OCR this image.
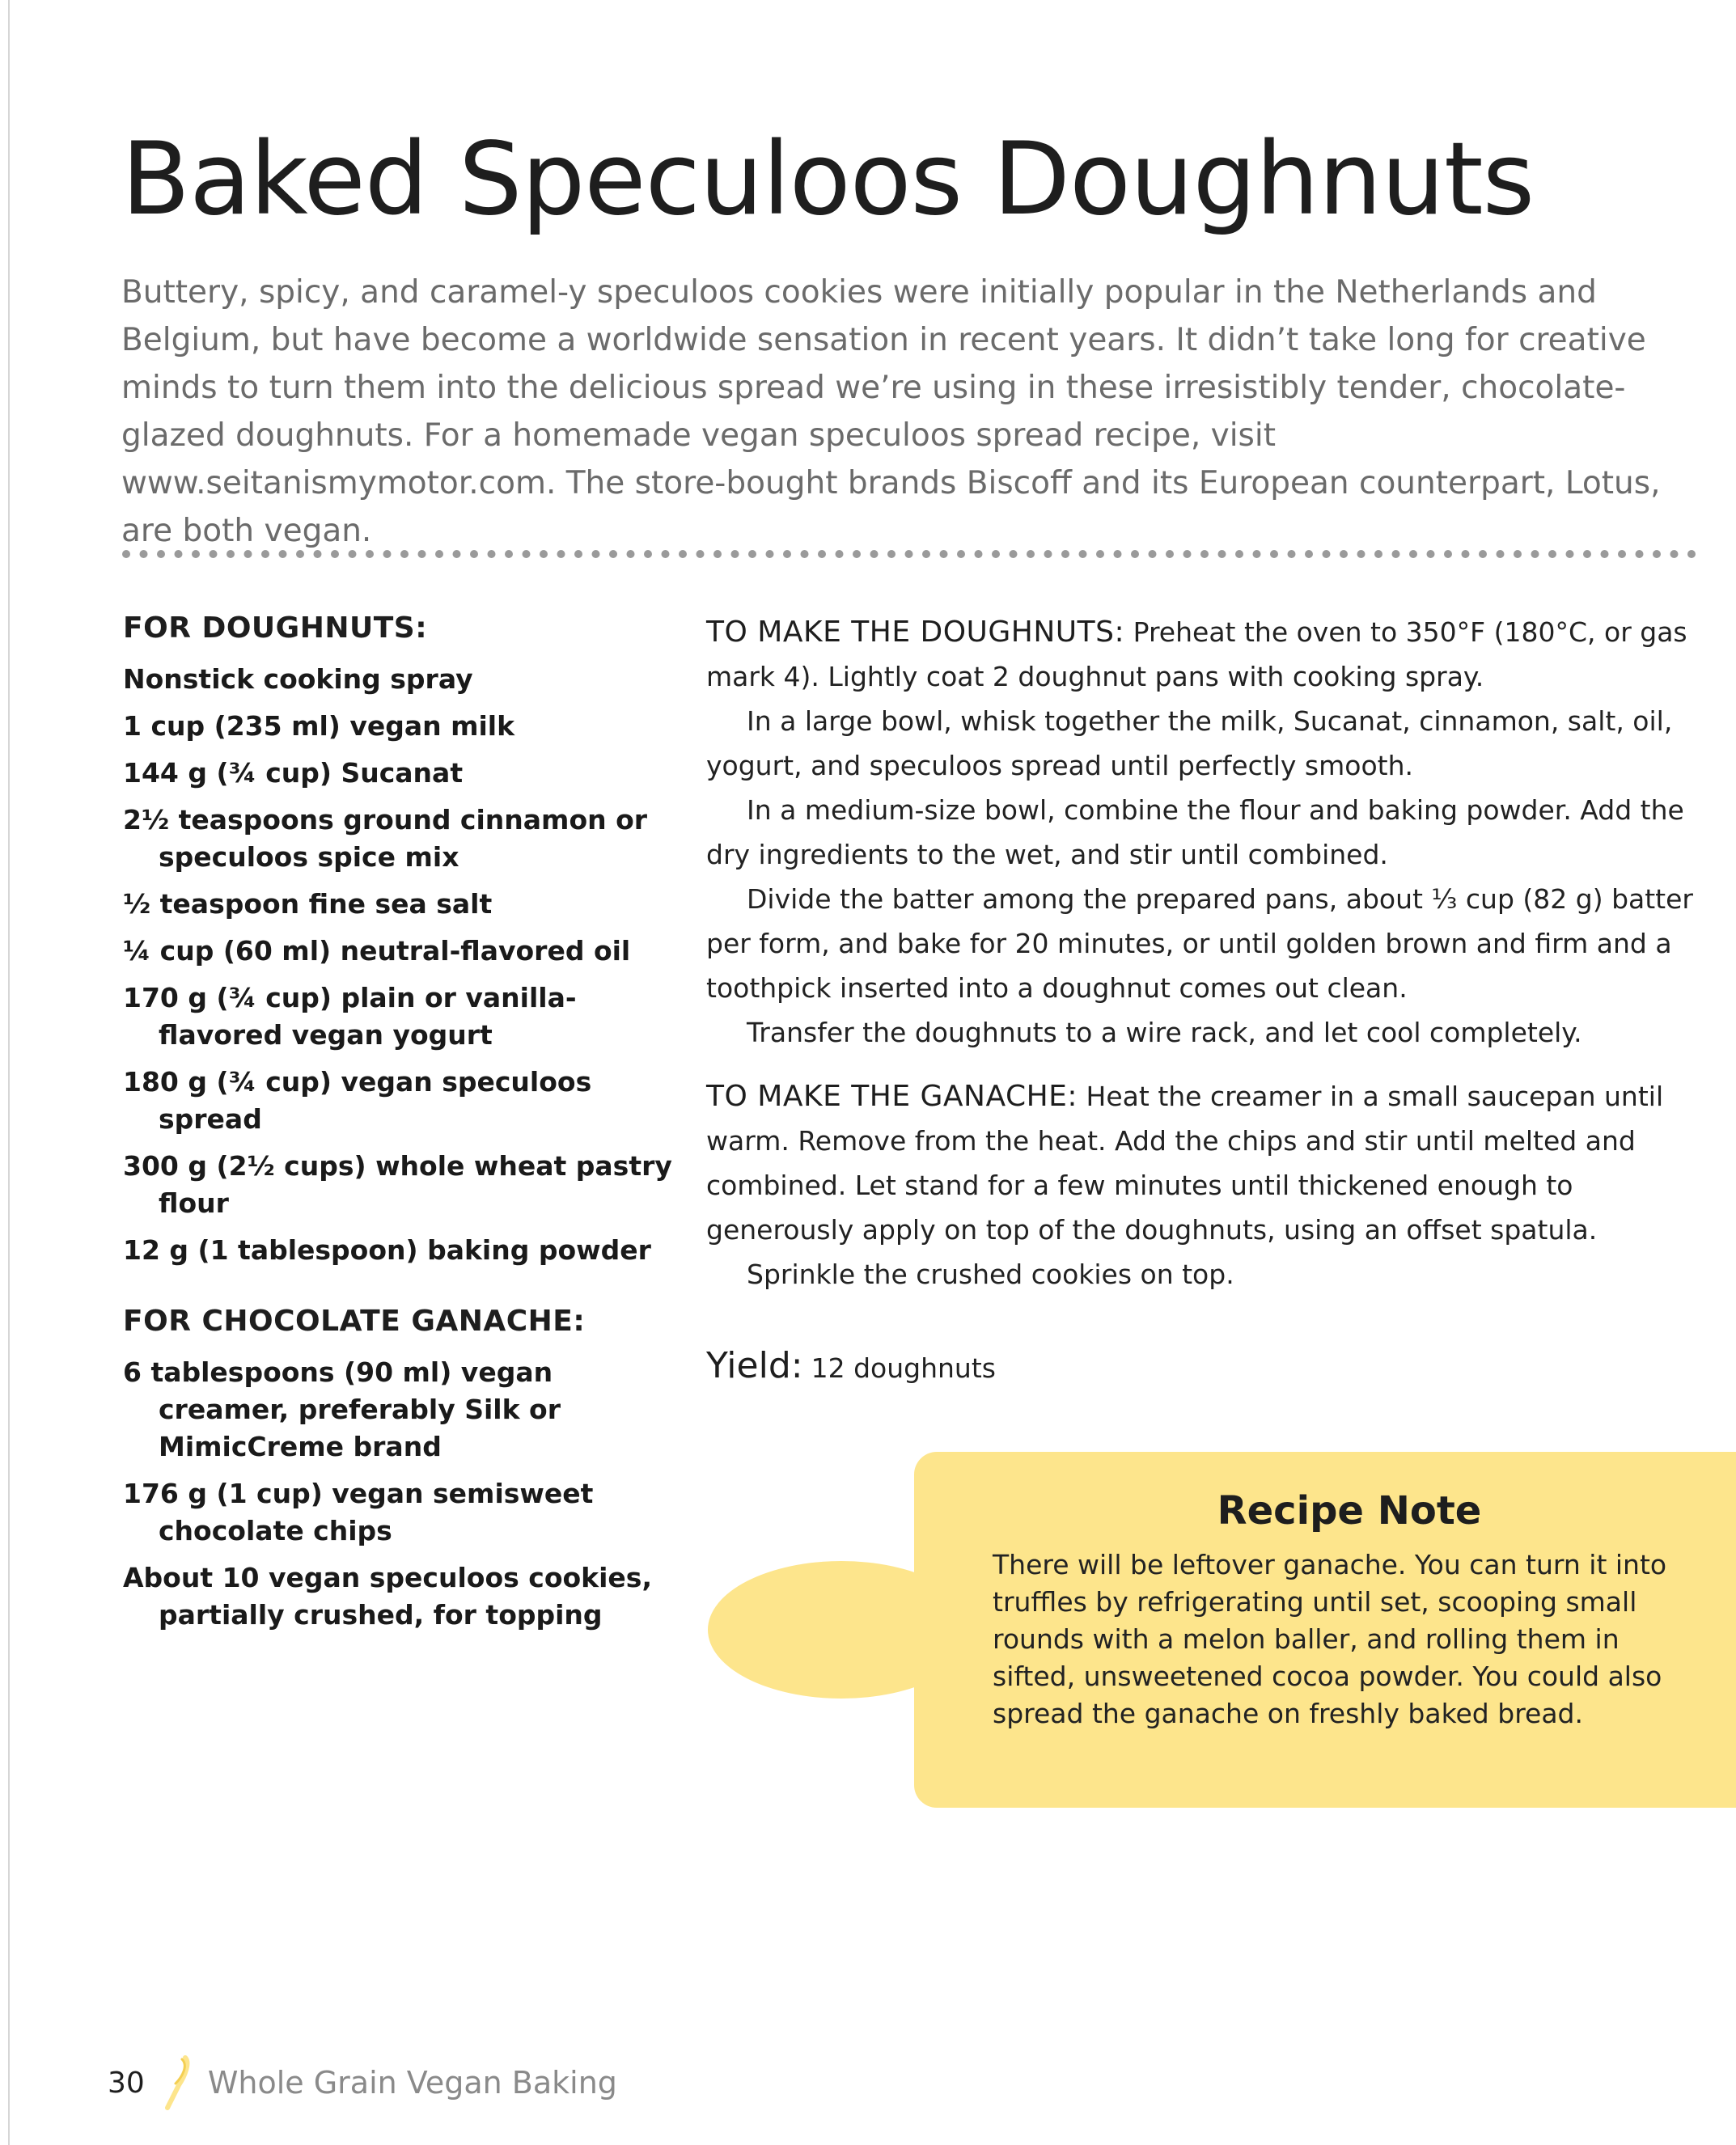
Baked Speculoos Doughnuts

Buttery, spicy, and caramel-y speculoos cookies were initially popular in the Netherlands and Belgium, but have become a worldwide sensation in recent years. It didn’t take long for creative minds to turn them into the delicious spread we’re using in these irresistibly tender, chocolate-glazed doughnuts. For a homemade vegan speculoos spread recipe, visit www.seitanismymotor.com. The store-bought brands Biscoff and its European counterpart, Lotus, are both vegan.

FOR DOUGHNUTS:
Nonstick cooking spray
1 cup (235 ml) vegan milk
144 g (¾ cup) Sucanat
2½ teaspoons ground cinnamon or speculoos spice mix
½ teaspoon fine sea salt
¼ cup (60 ml) neutral-flavored oil
170 g (¾ cup) plain or vanilla-flavored vegan yogurt
180 g (¾ cup) vegan speculoos spread
300 g (2½ cups) whole wheat pastry flour
12 g (1 tablespoon) baking powder
FOR CHOCOLATE GANACHE:
6 tablespoons (90 ml) vegan creamer, preferably Silk or MimicCreme brand
176 g (1 cup) vegan semisweet chocolate chips
About 10 vegan speculoos cookies, partially crushed, for topping

TO MAKE THE DOUGHNUTS: Preheat the oven to 350°F (180°C, or gas mark 4). Lightly coat 2 doughnut pans with cooking spray.

In a large bowl, whisk together the milk, Sucanat, cinnamon, salt, oil, yogurt, and speculoos spread until perfectly smooth.

In a medium-size bowl, combine the flour and baking powder. Add the dry ingredients to the wet, and stir until combined.

Divide the batter among the prepared pans, about ⅓ cup (82 g) batter per form, and bake for 20 minutes, or until golden brown and firm and a toothpick inserted into a doughnut comes out clean.

Transfer the doughnuts to a wire rack, and let cool completely.

TO MAKE THE GANACHE: Heat the creamer in a small saucepan until warm. Remove from the heat. Add the chips and stir until melted and combined. Let stand for a few minutes until thickened enough to generously apply on top of the doughnuts, using an offset spatula.

Sprinkle the crushed cookies on top.

Yield: 12 doughnuts
Recipe Note

There will be leftover ganache. You can turn it into truffles by refrigerating until set, scooping small rounds with a melon baller, and rolling them in sifted, unsweetened cocoa powder. You could also spread the ganache on freshly baked bread.

30 Whole Grain Vegan Baking
